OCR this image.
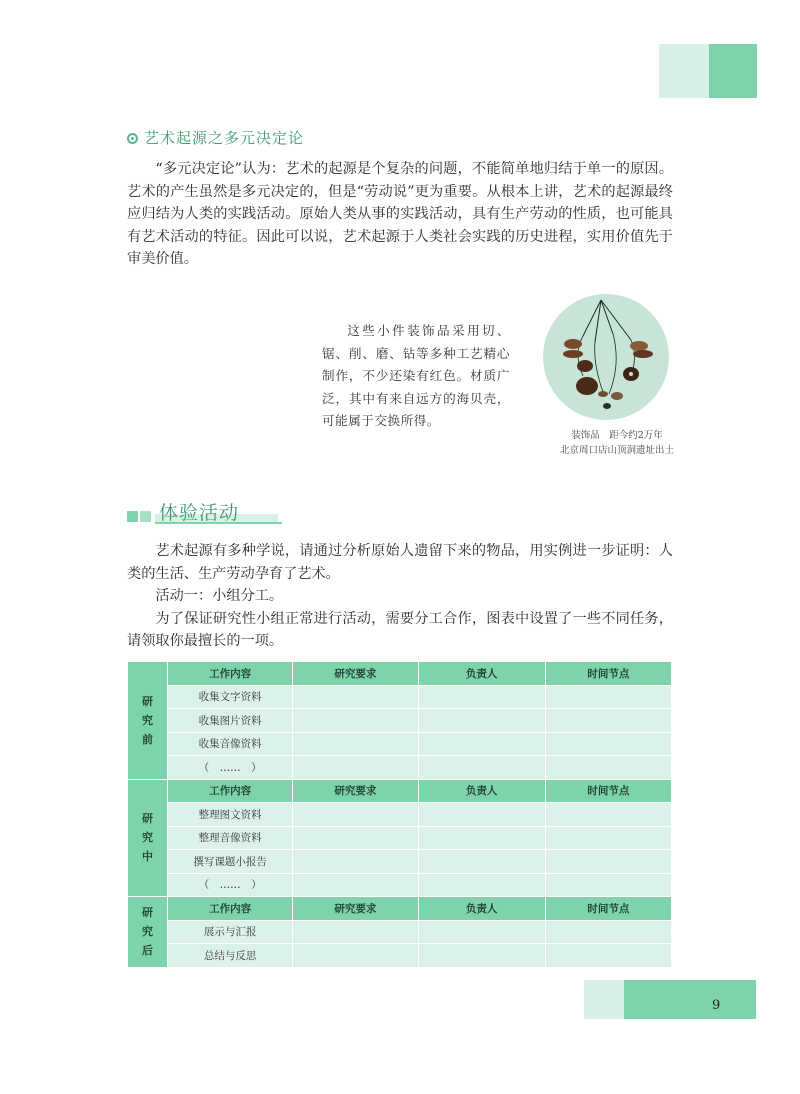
艺术起源之多元决定论

“多元决定论”认为：艺术的起源是个复杂的问题，不能简单地归结于单一的原因。艺术的产生虽然是多元决定的，但是“劳动说”更为重要。从根本上讲，艺术的起源最终应归结为人类的实践活动。原始人类从事的实践活动，具有生产劳动的性质，也可能具有艺术活动的特征。因此可以说，艺术起源于人类社会实践的历史进程，实用价值先于审美价值。

这些小件装饰品采用切、锯、削、磨、钻等多种工艺精心制作，不少还染有红色。材质广泛，其中有来自远方的海贝壳，可能属于交换所得。

装饰品　距今约2万年
北京周口店山顶洞遗址出土
体验活动

艺术起源有多种学说，请通过分析原始人遗留下来的物品，用实例进一步证明：人类的生活、生产劳动孕育了艺术。

活动一：小组分工。

为了保证研究性小组正常进行活动，需要分工合作，图表中设置了一些不同任务，请领取你最擅长的一项。

研
究
前	工作内容	研究要求	负责人	时间节点
	收集文字资料			
	收集图片资料			
	收集音像资料			
	（　……　）			
研
究
中	工作内容	研究要求	负责人	时间节点
	整理图文资料			
	整理音像资料			
	撰写课题小报告			
	（　……　）			
研
究
后	工作内容	研究要求	负责人	时间节点
	展示与汇报			
	总结与反思			
9
